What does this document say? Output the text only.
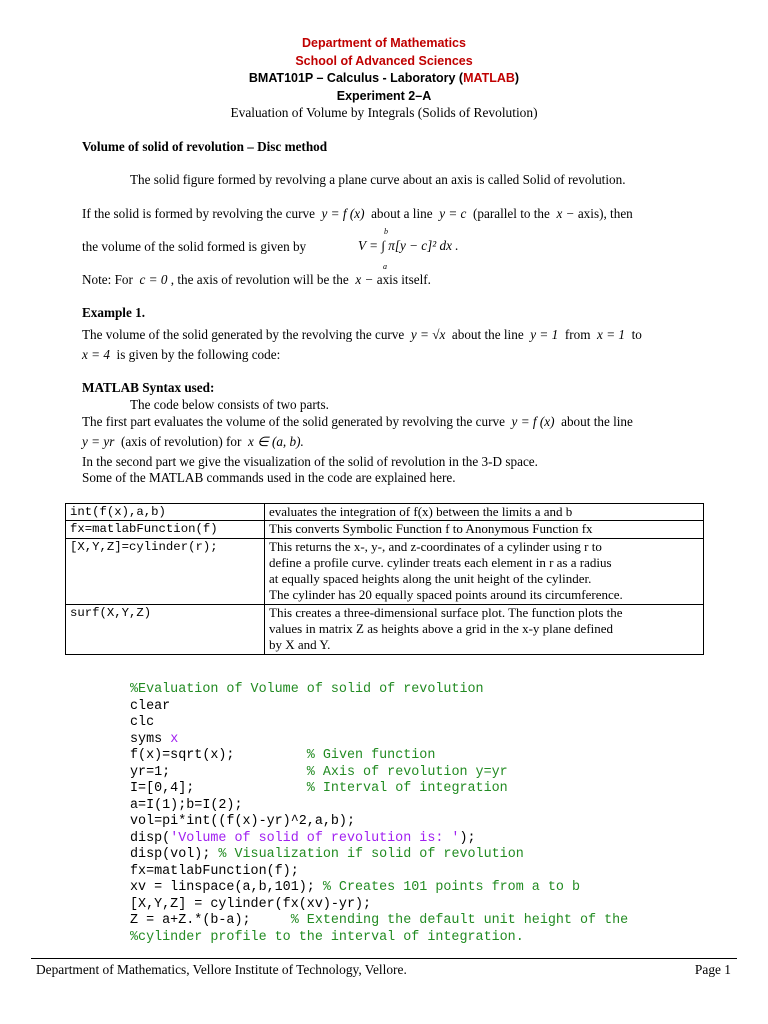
Department of Mathematics
School of Advanced Sciences
BMAT101P – Calculus - Laboratory (MATLAB)
Experiment 2–A
Evaluation of Volume by Integrals (Solids of Revolution)
Volume of solid of revolution – Disc method
The solid figure formed by revolving a plane curve about an axis is called Solid of revolution.
If the solid is formed by revolving the curve y = f (x) about a line y = c (parallel to the x − axis), then
the volume of the solid formed is given by
b
a
V = ∫ π[y − c]² dx .
Note: For c = 0 , the axis of revolution will be the x − axis itself.
Example 1.
The volume of the solid generated by the revolving the curve y = √x about the line y = 1 from x = 1 to
x = 4 is given by the following code:
MATLAB Syntax used:
The code below consists of two parts.
The first part evaluates the volume of the solid generated by revolving the curve y = f (x) about the line
y = yr (axis of revolution) for x ∈ (a, b).
In the second part we give the visualization of the solid of revolution in the 3-D space.
Some of the MATLAB commands used in the code are explained here.
int(f(x),a,b)	evaluates the integration of f(x) between the limits a and b

fx=matlabFunction(f)	This converts Symbolic Function f to Anonymous Function fx

[X,Y,Z]=cylinder(r);	This returns the x-, y-, and z-coordinates of a cylinder using r to
define a profile curve. cylinder treats each element in r as a radius
at equally spaced heights along the unit height of the cylinder.
The cylinder has 20 equally spaced points around its circumference.

surf(X,Y,Z)	This creates a three-dimensional surface plot. The function plots the
values in matrix Z as heights above a grid in the x-y plane defined
by X and Y.
%Evaluation of Volume of solid of revolution
clear
clc
syms x
f(x)=sqrt(x);         % Given function
yr=1;                 % Axis of revolution y=yr
I=[0,4];              % Interval of integration
a=I(1);b=I(2);
vol=pi*int((f(x)-yr)^2,a,b);
disp('Volume of solid of revolution is: ');
disp(vol); % Visualization if solid of revolution
fx=matlabFunction(f);
xv = linspace(a,b,101); % Creates 101 points from a to b
[X,Y,Z] = cylinder(fx(xv)-yr);
Z = a+Z.*(b-a);     % Extending the default unit height of the
%cylinder profile to the interval of integration.
Department of Mathematics, Vellore Institute of Technology, Vellore.	Page 1
